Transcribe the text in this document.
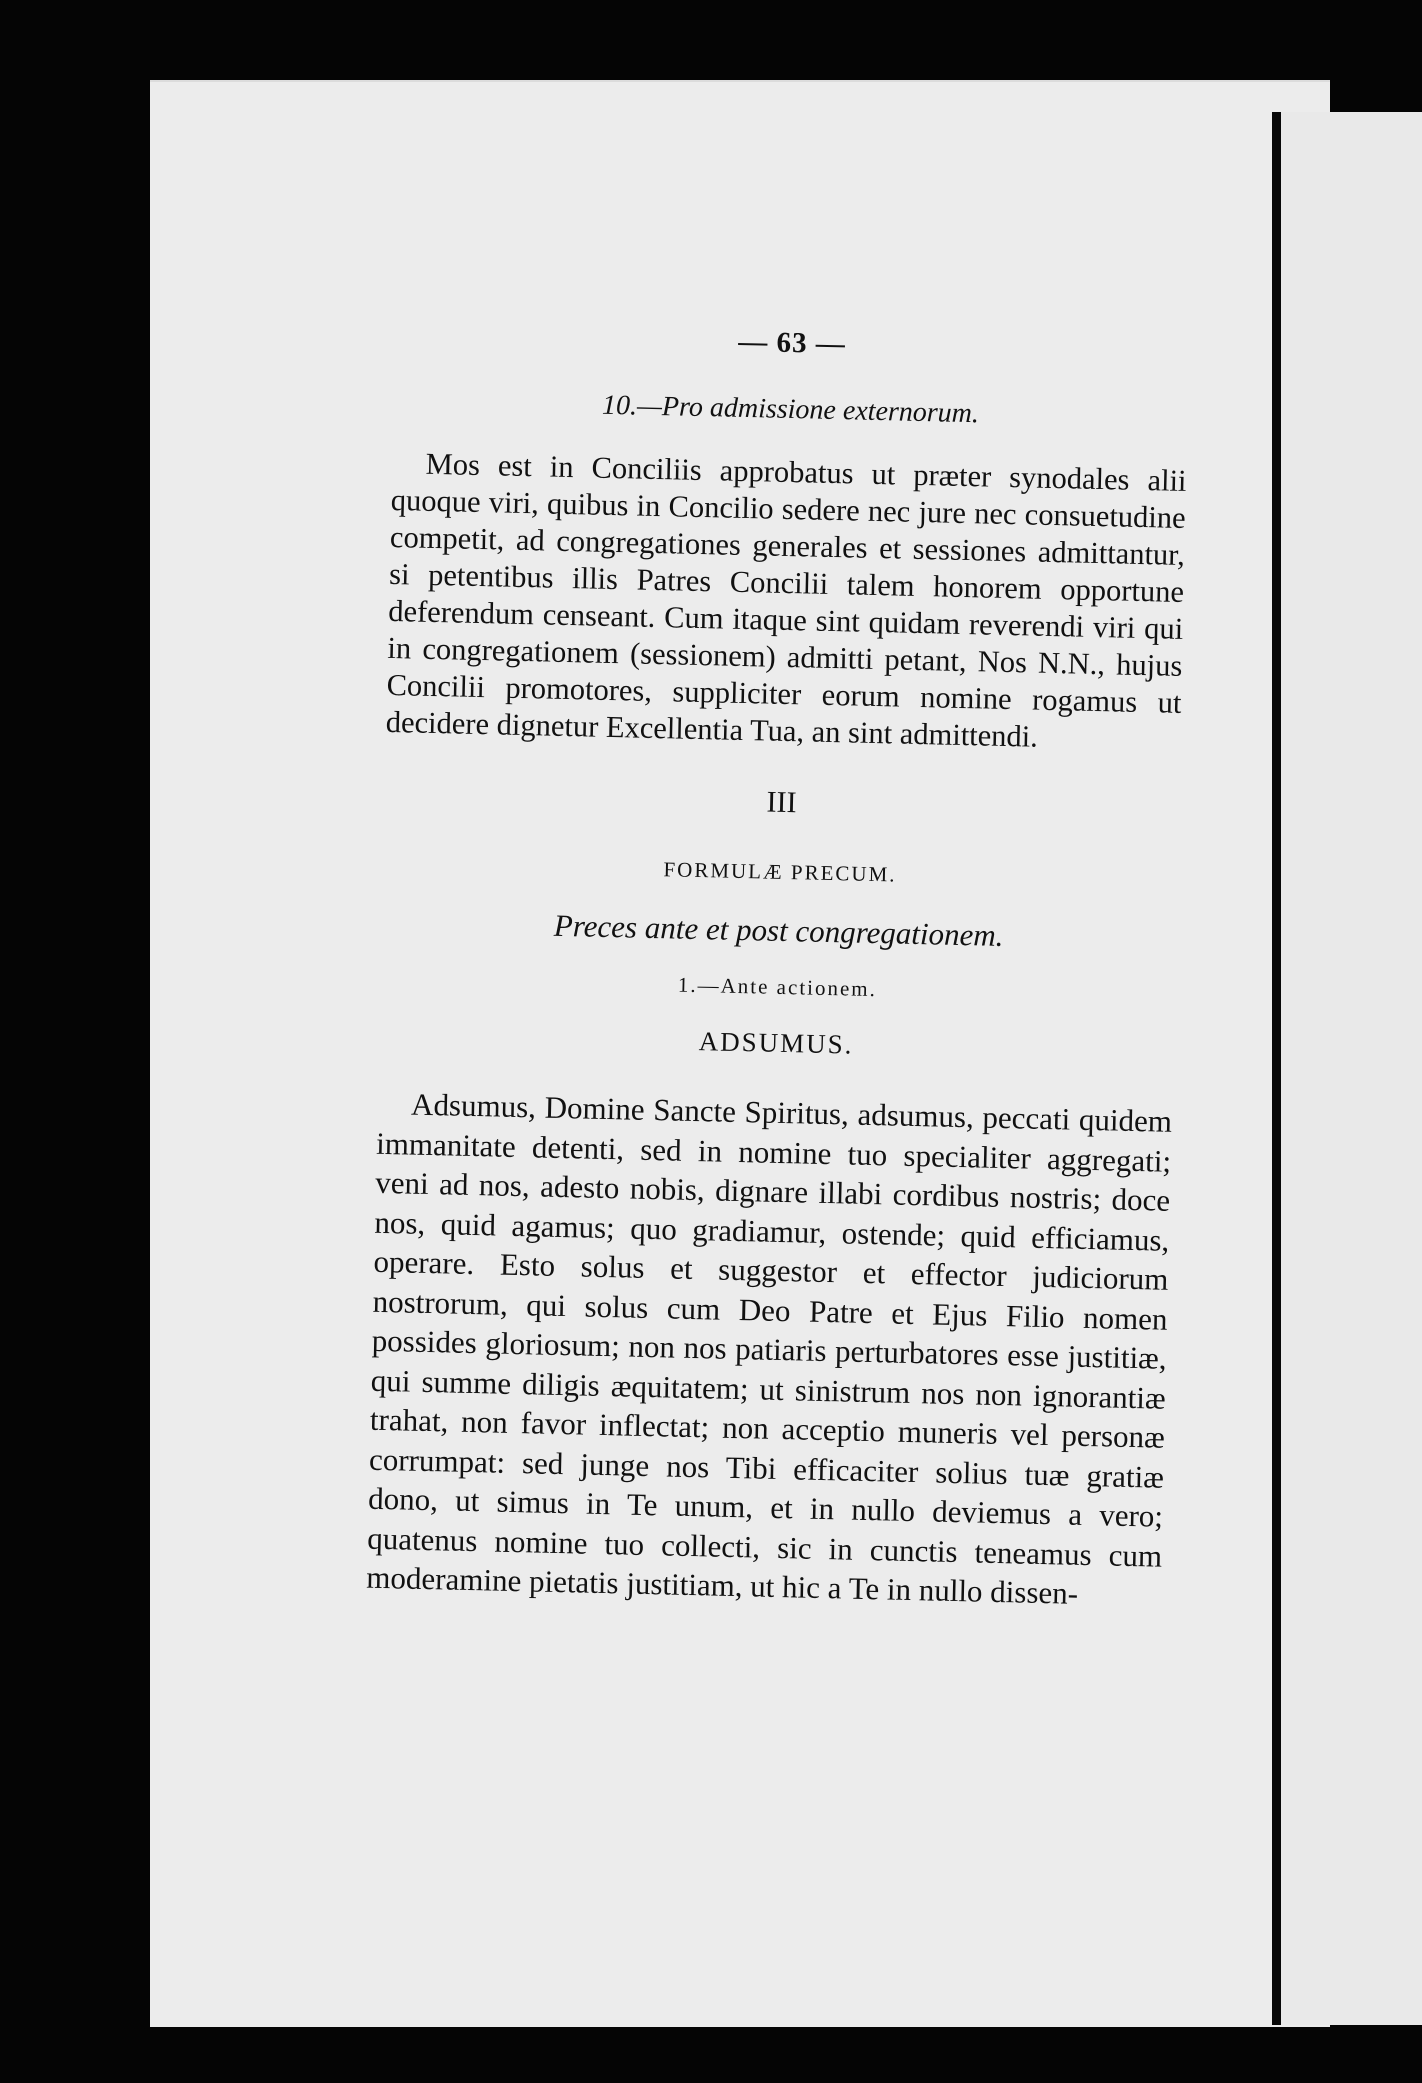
— 63 —
10.—Pro admissione externorum.

Mos est in Conciliis approbatus ut præter synodales alii quoque viri, quibus in Concilio sedere nec jure nec consuetudine competit, ad congregationes generales et sessiones admittantur, si petentibus illis Patres Concilii talem honorem opportune deferendum censeant. Cum itaque sint quidam reverendi viri qui in congregationem (sessionem) admitti petant, Nos N.N., hujus Concilii promotores, suppliciter eorum nomine rogamus ut decidere dignetur Excellentia Tua, an sint admittendi.

III
FORMULÆ PRECUM.
Preces ante et post congregationem.
1.—Ante actionem.
ADSUMUS.

Adsumus, Domine Sancte Spiritus, adsumus, peccati quidem immanitate detenti, sed in nomine tuo specialiter aggregati; veni ad nos, adesto nobis, dignare illabi cordibus nostris; doce nos, quid agamus; quo gradiamur, ostende; quid efficiamus, operare. Esto solus et suggestor et effector judiciorum nostrorum, qui solus cum Deo Patre et Ejus Filio nomen possides gloriosum; non nos patiaris perturbatores esse justitiæ, qui summe diligis æquitatem; ut sinistrum nos non ignorantiæ trahat, non favor inflectat; non acceptio muneris vel personæ corrumpat: sed junge nos Tibi efficaciter solius tuæ gratiæ dono, ut simus in Te unum, et in nullo deviemus a vero; quatenus nomine tuo collecti, sic in cunctis teneamus cum moderamine pietatis justitiam, ut hic a Te in nullo dissen-
